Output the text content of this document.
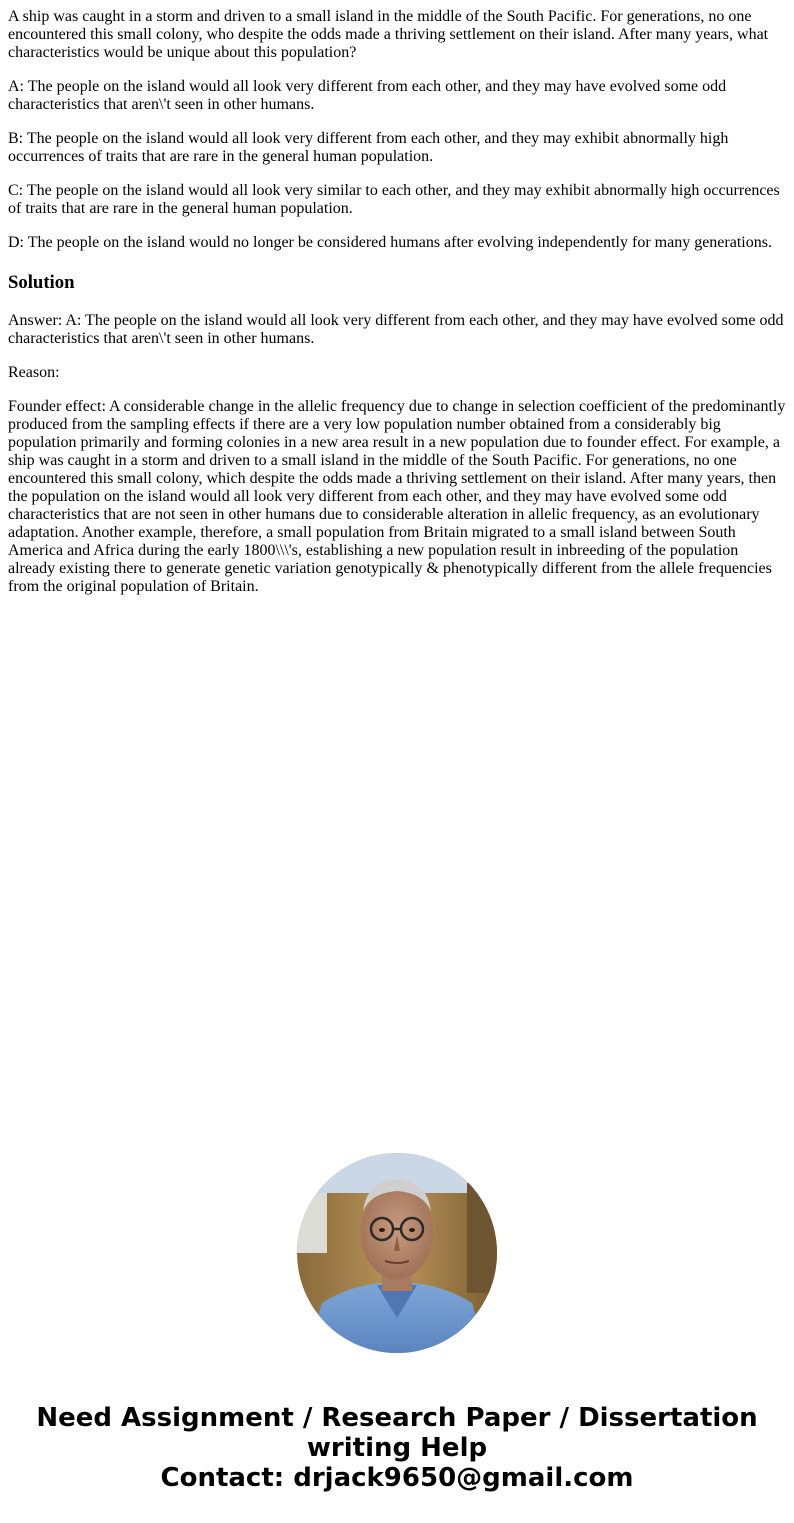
A ship was caught in a storm and driven to a small island in the middle of the South Pacific. For generations, no one encountered this small colony, who despite the odds made a thriving settlement on their island. After many years, what characteristics would be unique about this population?

A: The people on the island would all look very different from each other, and they may have evolved some odd characteristics that aren\'t seen in other humans.

B: The people on the island would all look very different from each other, and they may exhibit abnormally high occurrences of traits that are rare in the general human population.

C: The people on the island would all look very similar to each other, and they may exhibit abnormally high occurrences of traits that are rare in the general human population.

D: The people on the island would no longer be considered humans after evolving independently for many generations.

Solution

Answer: A: The people on the island would all look very different from each other, and they may have evolved some odd characteristics that aren\'t seen in other humans.

Reason:

Founder effect: A considerable change in the allelic frequency due to change in selection coefficient of the predominantly produced from the sampling effects if there are a very low population number obtained from a considerably big population primarily and forming colonies in a new area result in a new population due to founder effect. For example, a ship was caught in a storm and driven to a small island in the middle of the South Pacific. For generations, no one encountered this small colony, which despite the odds made a thriving settlement on their island. After many years, then the population on the island would all look very different from each other, and they may have evolved some odd characteristics that are not seen in other humans due to considerable alteration in allelic frequency, as an evolutionary adaptation. Another example, therefore, a small population from Britain migrated to a small island between South America and Africa during the early 1800\\\'s, establishing a new population result in inbreeding of the population already existing there to generate genetic variation genotypically & phenotypically different from the allele frequencies from the original population of Britain.

Need Assignment / Research Paper / Dissertation writing Help
Contact: drjack9650@gmail.com
